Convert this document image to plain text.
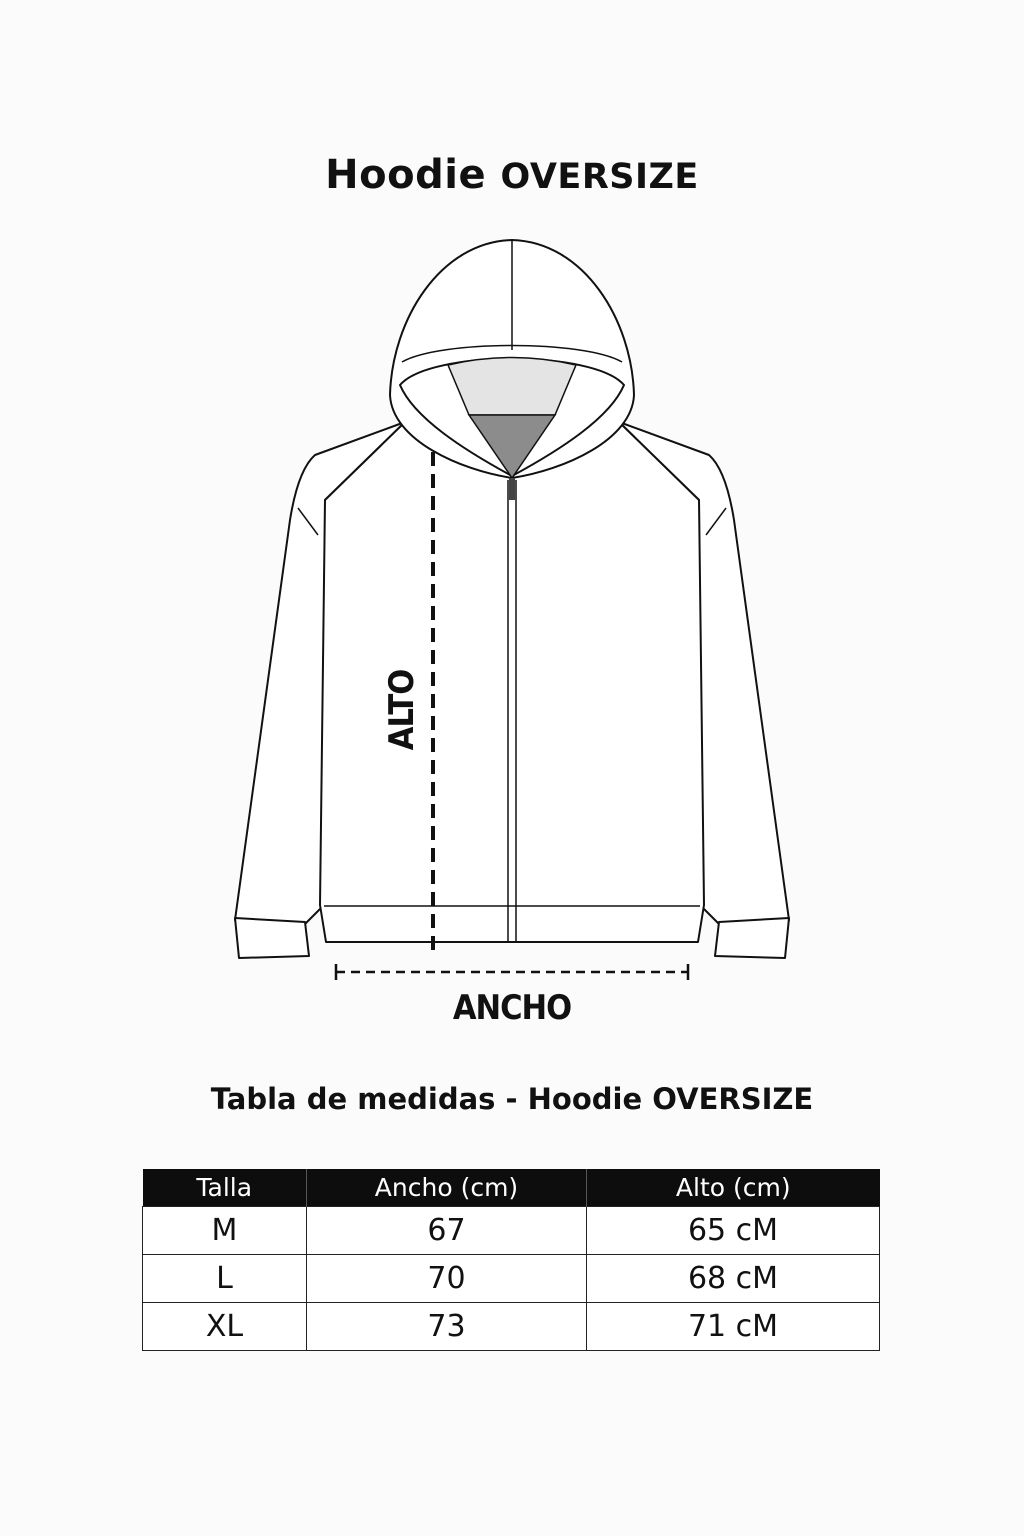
Hoodie OVERSIZE
ALTO
ANCHO
Tabla de medidas - Hoodie OVERSIZE
Talla	Ancho (cm)	Alto (cm)
M	67	65 cM
L	70	68 cM
XL	73	71 cM
